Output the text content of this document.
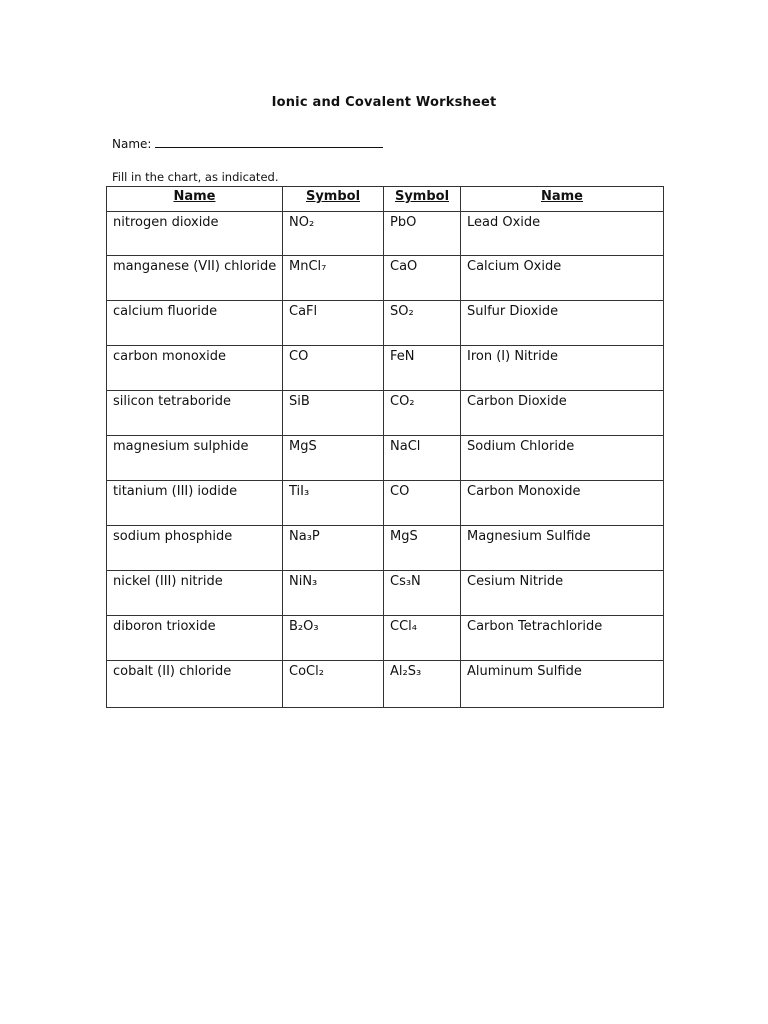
Ionic and Covalent Worksheet
Name:
Fill in the chart, as indicated.
Name	Symbol	Symbol	Name
nitrogen dioxide	NO₂	PbO	Lead Oxide
manganese (VII) chloride	MnCl₇	CaO	Calcium Oxide
calcium fluoride	CaFl	SO₂	Sulfur Dioxide
carbon monoxide	CO	FeN	Iron (I) Nitride
silicon tetraboride	SiB	CO₂	Carbon Dioxide
magnesium sulphide	MgS	NaCl	Sodium Chloride
titanium (III) iodide	TiI₃	CO	Carbon Monoxide
sodium phosphide	Na₃P	MgS	Magnesium Sulfide
nickel (III) nitride	NiN₃	Cs₃N	Cesium Nitride
diboron trioxide	B₂O₃	CCl₄	Carbon Tetrachloride
cobalt (II) chloride	CoCl₂	Al₂S₃	Aluminum Sulfide
